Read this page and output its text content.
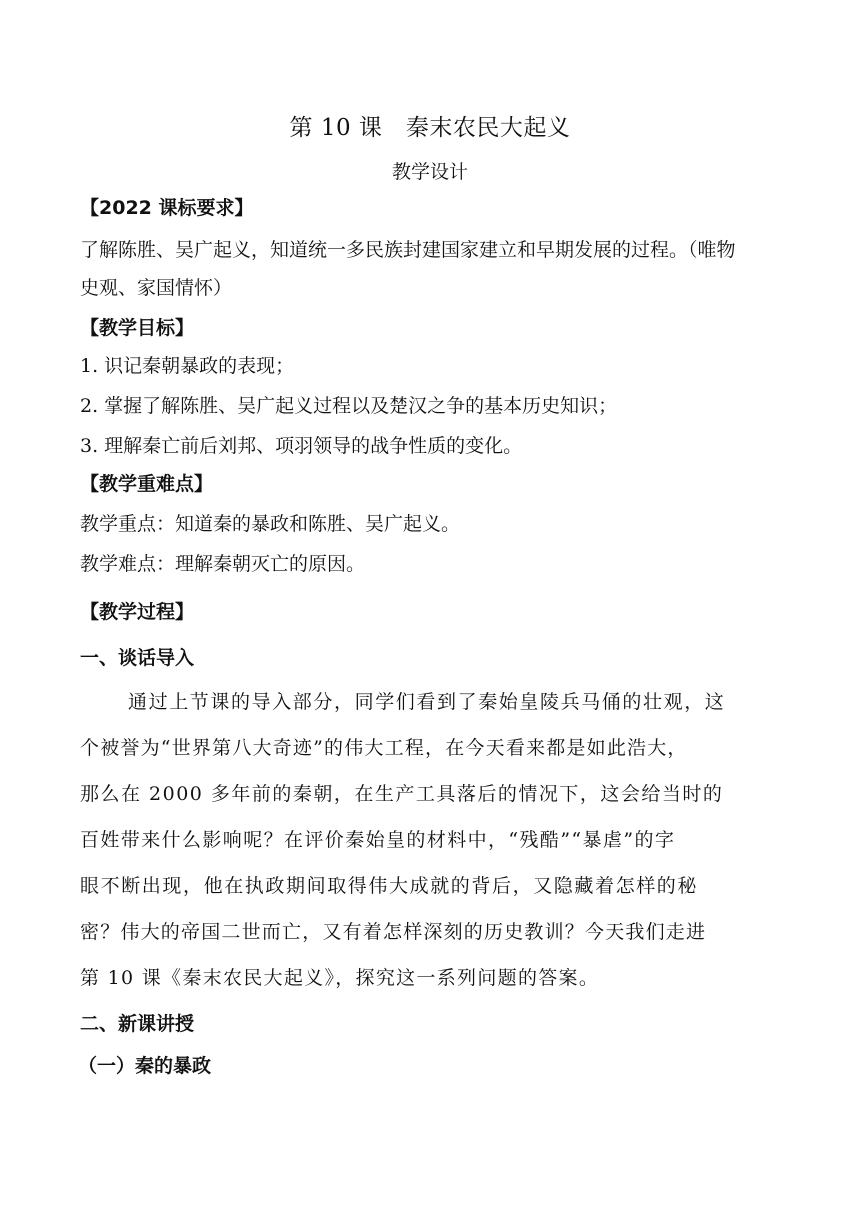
第 10 课　秦末农民大起义
教学设计
【2022 课标要求】
了解陈胜、吴广起义，知道统一多民族封建国家建立和早期发展的过程。（唯物
史观、家国情怀）
【教学目标】
1. 识记秦朝暴政的表现；
2. 掌握了解陈胜、吴广起义过程以及楚汉之争的基本历史知识；
3. 理解秦亡前后刘邦、项羽领导的战争性质的变化。
【教学重难点】
教学重点：知道秦的暴政和陈胜、吴广起义。
教学难点：理解秦朝灭亡的原因。
【教学过程】
一、谈话导入
通过上节课的导入部分，同学们看到了秦始皇陵兵马俑的壮观，这
个被誉为“世界第八大奇迹”的伟大工程，在今天看来都是如此浩大，
那么在 2000 多年前的秦朝，在生产工具落后的情况下，这会给当时的
百姓带来什么影响呢？在评价秦始皇的材料中，“残酷”“暴虐”的字
眼不断出现，他在执政期间取得伟大成就的背后，又隐藏着怎样的秘
密？伟大的帝国二世而亡，又有着怎样深刻的历史教训？今天我们走进
第 10 课《秦末农民大起义》，探究这一系列问题的答案。
二、新课讲授
（一）秦的暴政
